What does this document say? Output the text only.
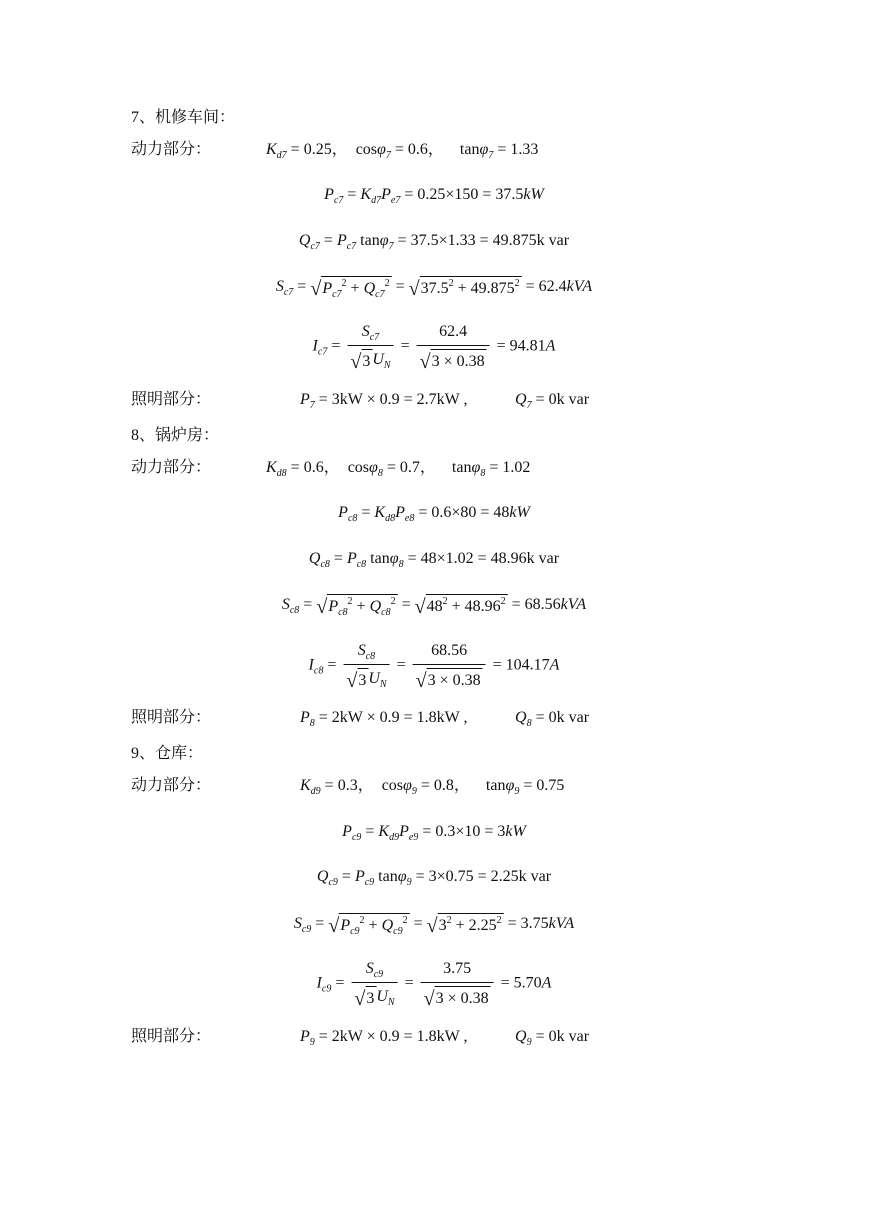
7、机修车间：
动力部分：	$K_{d7} = 0.25$，  cosφ$_7$ = 0.6，    tanφ$_7$ = 1.33
$P_{c7} = K_{d7}P_{e7} = 0.25\times 150 = 37.5kW$
$Q_{c7} = P_{c7}$ tanφ$_7$ = 37.5×1.33 = 49.875k var
$S_{c7}$ = √ $P_{c7}^2 + Q_{c7}^2$ = √ $37.5^2 + 49.875^2 = 62.4kVA$
$I_{c7} = \frac{S_{c7}}{√ 3 U_N} = \frac{62.4}{√ 3 \times 0.38} = 94.81A$
照明部分：	$P_7 = 3kW \times 0.9 = 2.7kW$ ,	$Q_7 = 0k$ var
8、锅炉房：
动力部分：	$K_{d8} = 0.6$，  cosφ$_8$ = 0.7，    tanφ$_8$ = 1.02
$P_{c8} = K_{d8}P_{e8} = 0.6\times 80 = 48kW$
$Q_{c8} = P_{c8}$ tanφ$_8$ = 48×1.02 = 48.96k var
$S_{c8}$ = √ $P_{c8}^2 + Q_{c8}^2$ = √ $48^2 + 48.96^2 = 68.56kVA$
$I_{c8} = \frac{S_{c8}}{√ 3 U_N} = \frac{68.56}{√ 3 \times 0.38} = 104.17A$
照明部分：	$P_8 = 2kW \times 0.9 = 1.8kW$ ,	$Q_8 = 0k$ var
9、仓库：
动力部分：	$K_{d9} = 0.3$，  cosφ$_9$ = 0.8，    tanφ$_9$ = 0.75
$P_{c9} = K_{d9}P_{e9} = 0.3\times 10 = 3kW$
$Q_{c9} = P_{c9}$ tanφ$_9$ = 3×0.75 = 2.25k var
$S_{c9}$ = √ $P_{c9}^2 + Q_{c9}^2$ = √ $3^2 + 2.25^2 = 3.75kVA$
$I_{c9} = \frac{S_{c9}}{√ 3 U_N} = \frac{3.75}{√ 3 \times 0.38} = 5.70A$
照明部分：	$P_9 = 2kW \times 0.9 = 1.8kW$ ,	$Q_9 = 0k$ var
